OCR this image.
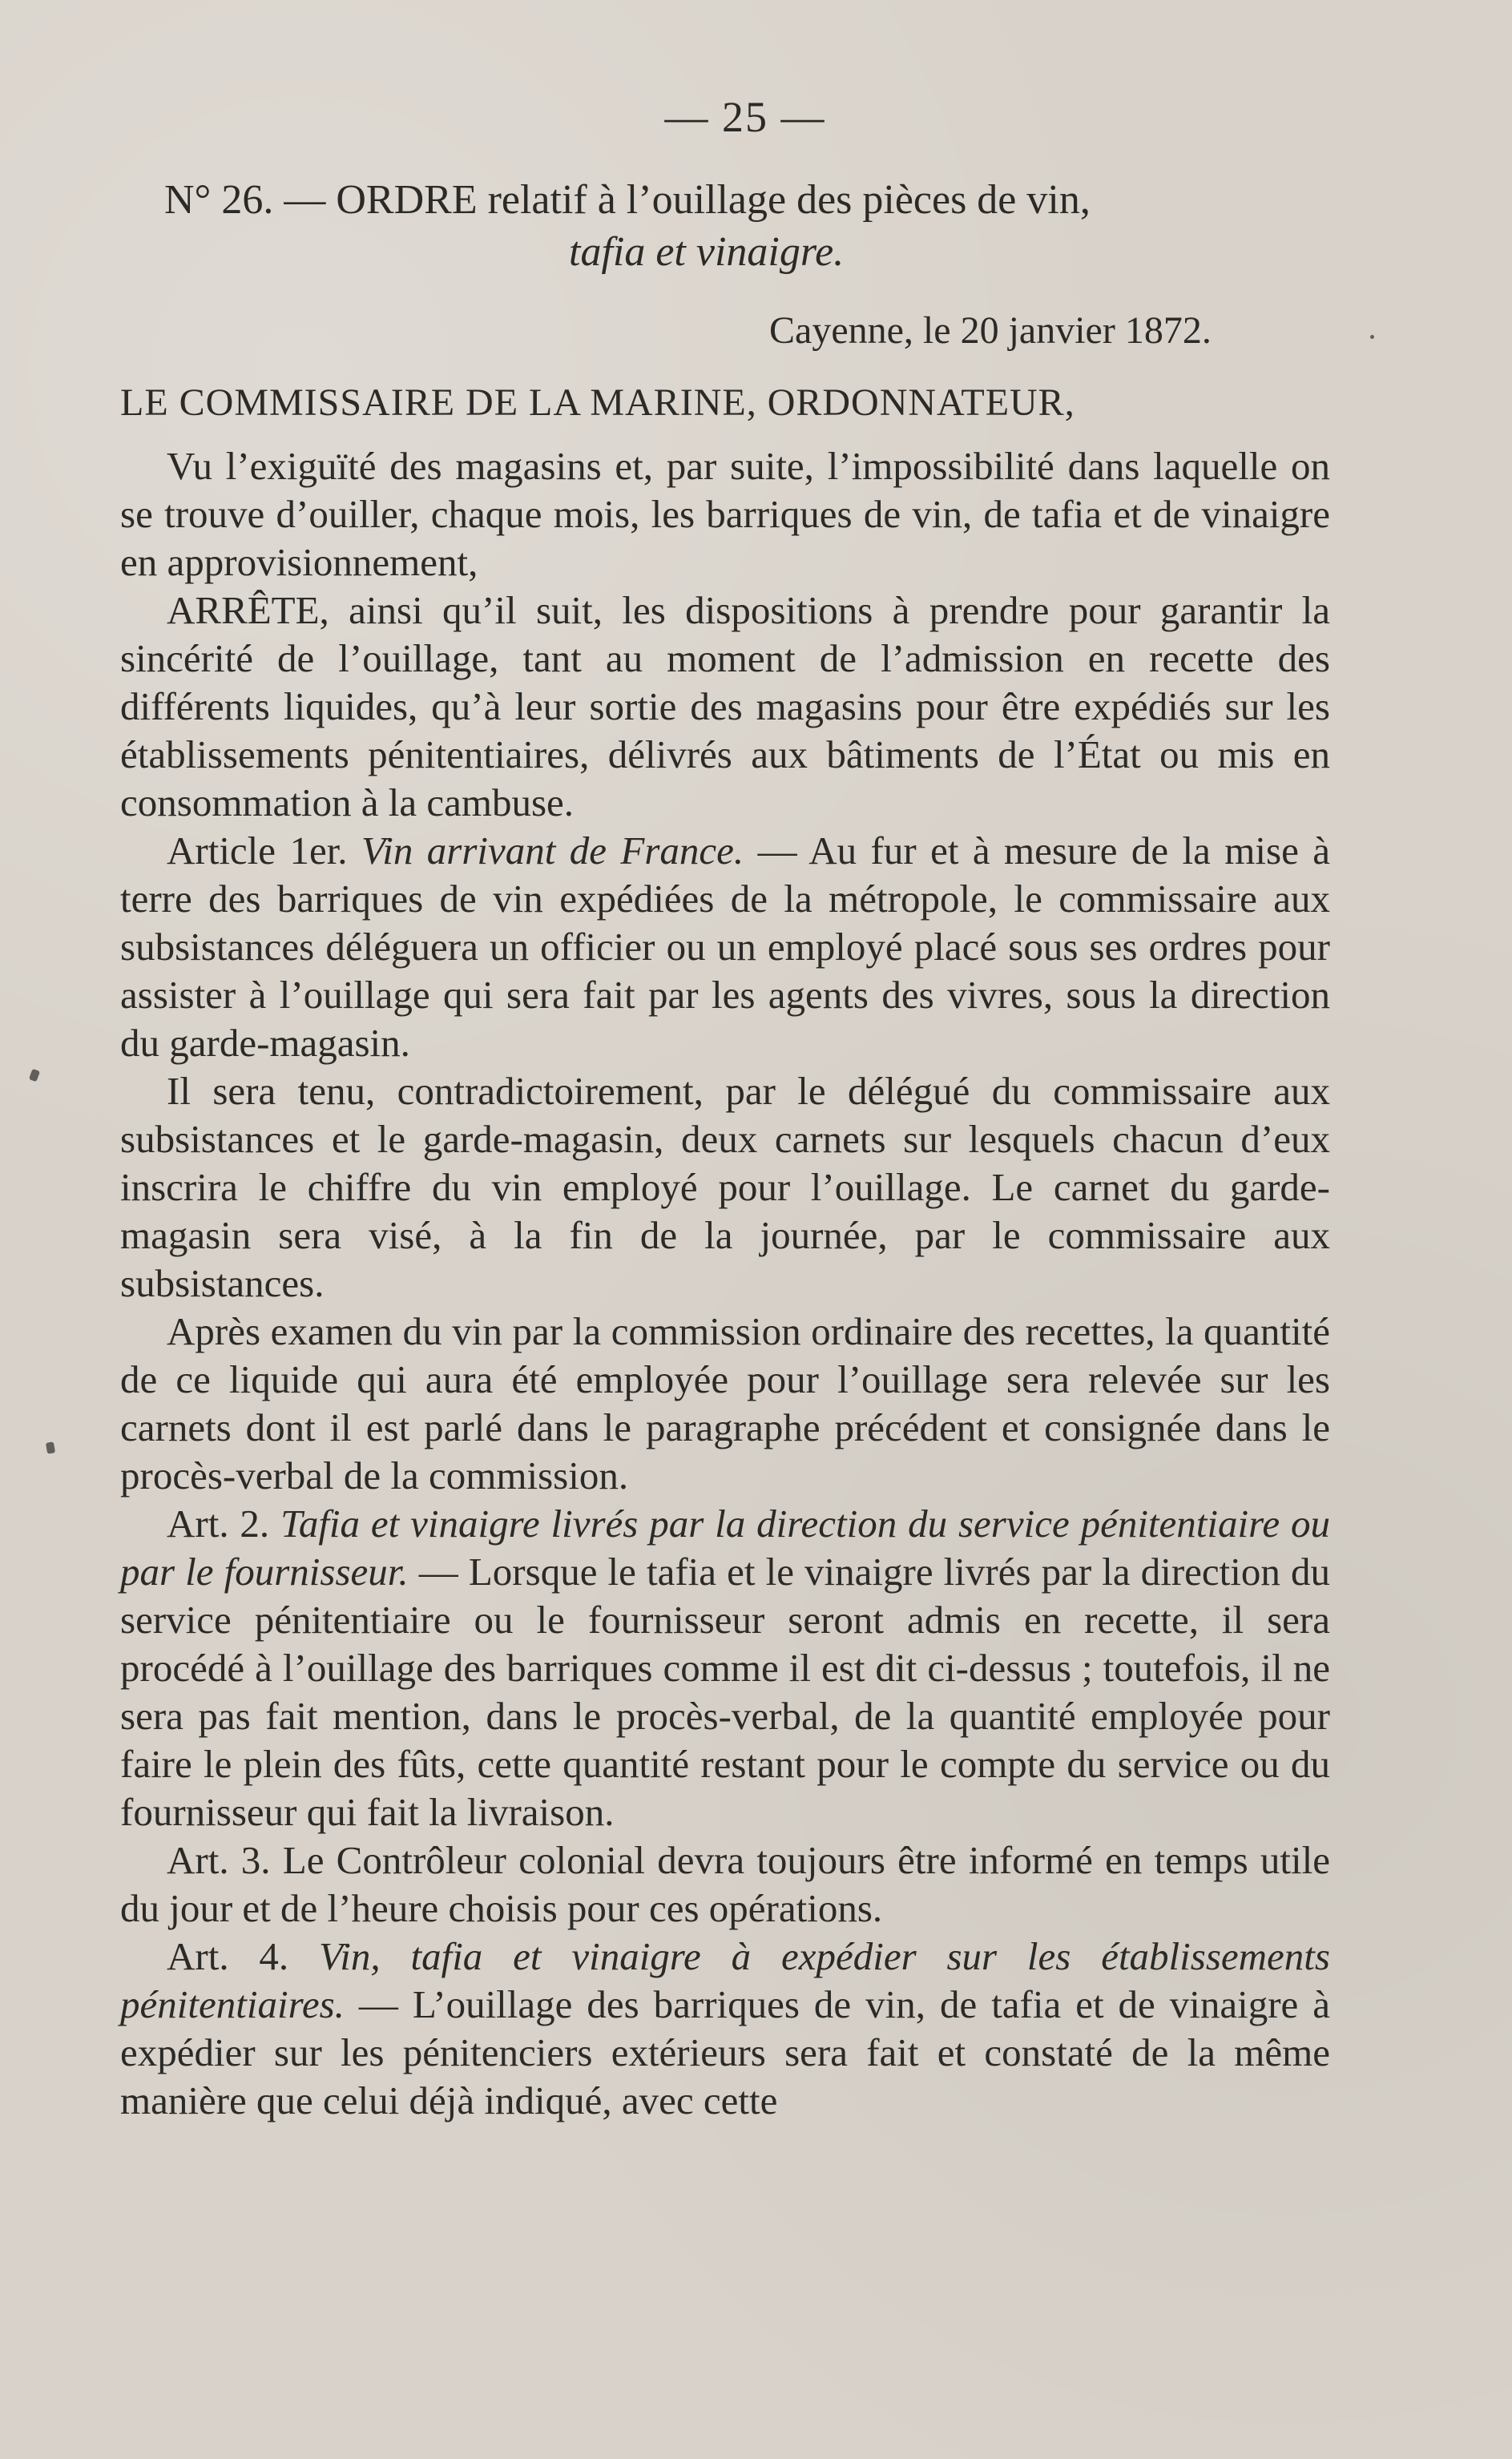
— 25 —
N° 26. — ORDRE relatif à l’ouillage des pièces de vin,
tafia et vinaigre.
Cayenne, le 20 janvier 1872.
LE COMMISSAIRE DE LA MARINE, ORDONNATEUR,

Vu l’exiguïté des magasins et, par suite, l’impossibilité dans laquelle on se trouve d’ouiller, chaque mois, les barriques de vin, de tafia et de vinaigre en approvisionnement,

ARRÊTE, ainsi qu’il suit, les dispositions à prendre pour garantir la sincérité de l’ouillage, tant au moment de l’admission en recette des différents liquides, qu’à leur sortie des magasins pour être expédiés sur les établissements pénitentiaires, délivrés aux bâtiments de l’État ou mis en consommation à la cambuse.

Article 1er. Vin arrivant de France. — Au fur et à mesure de la mise à terre des barriques de vin expédiées de la métropole, le commissaire aux subsistances déléguera un officier ou un employé placé sous ses ordres pour assister à l’ouillage qui sera fait par les agents des vivres, sous la direction du garde-magasin.

Il sera tenu, contradictoirement, par le délégué du commissaire aux subsistances et le garde-magasin, deux carnets sur lesquels chacun d’eux inscrira le chiffre du vin employé pour l’ouillage. Le carnet du garde-magasin sera visé, à la fin de la journée, par le commissaire aux subsistances.

Après examen du vin par la commission ordinaire des recettes, la quantité de ce liquide qui aura été employée pour l’ouillage sera relevée sur les carnets dont il est parlé dans le paragraphe précédent et consignée dans le procès-verbal de la commission.

Art. 2. Tafia et vinaigre livrés par la direction du service pénitentiaire ou par le fournisseur. — Lorsque le tafia et le vinaigre livrés par la direction du service pénitentiaire ou le fournisseur seront admis en recette, il sera procédé à l’ouillage des barriques comme il est dit ci-dessus ; toutefois, il ne sera pas fait mention, dans le procès-verbal, de la quantité employée pour faire le plein des fûts, cette quantité restant pour le compte du service ou du fournisseur qui fait la livraison.

Art. 3. Le Contrôleur colonial devra toujours être informé en temps utile du jour et de l’heure choisis pour ces opérations.

Art. 4. Vin, tafia et vinaigre à expédier sur les établissements pénitentiaires. — L’ouillage des barriques de vin, de tafia et de vinaigre à expédier sur les pénitenciers extérieurs sera fait et constaté de la même manière que celui déjà indiqué, avec cette
